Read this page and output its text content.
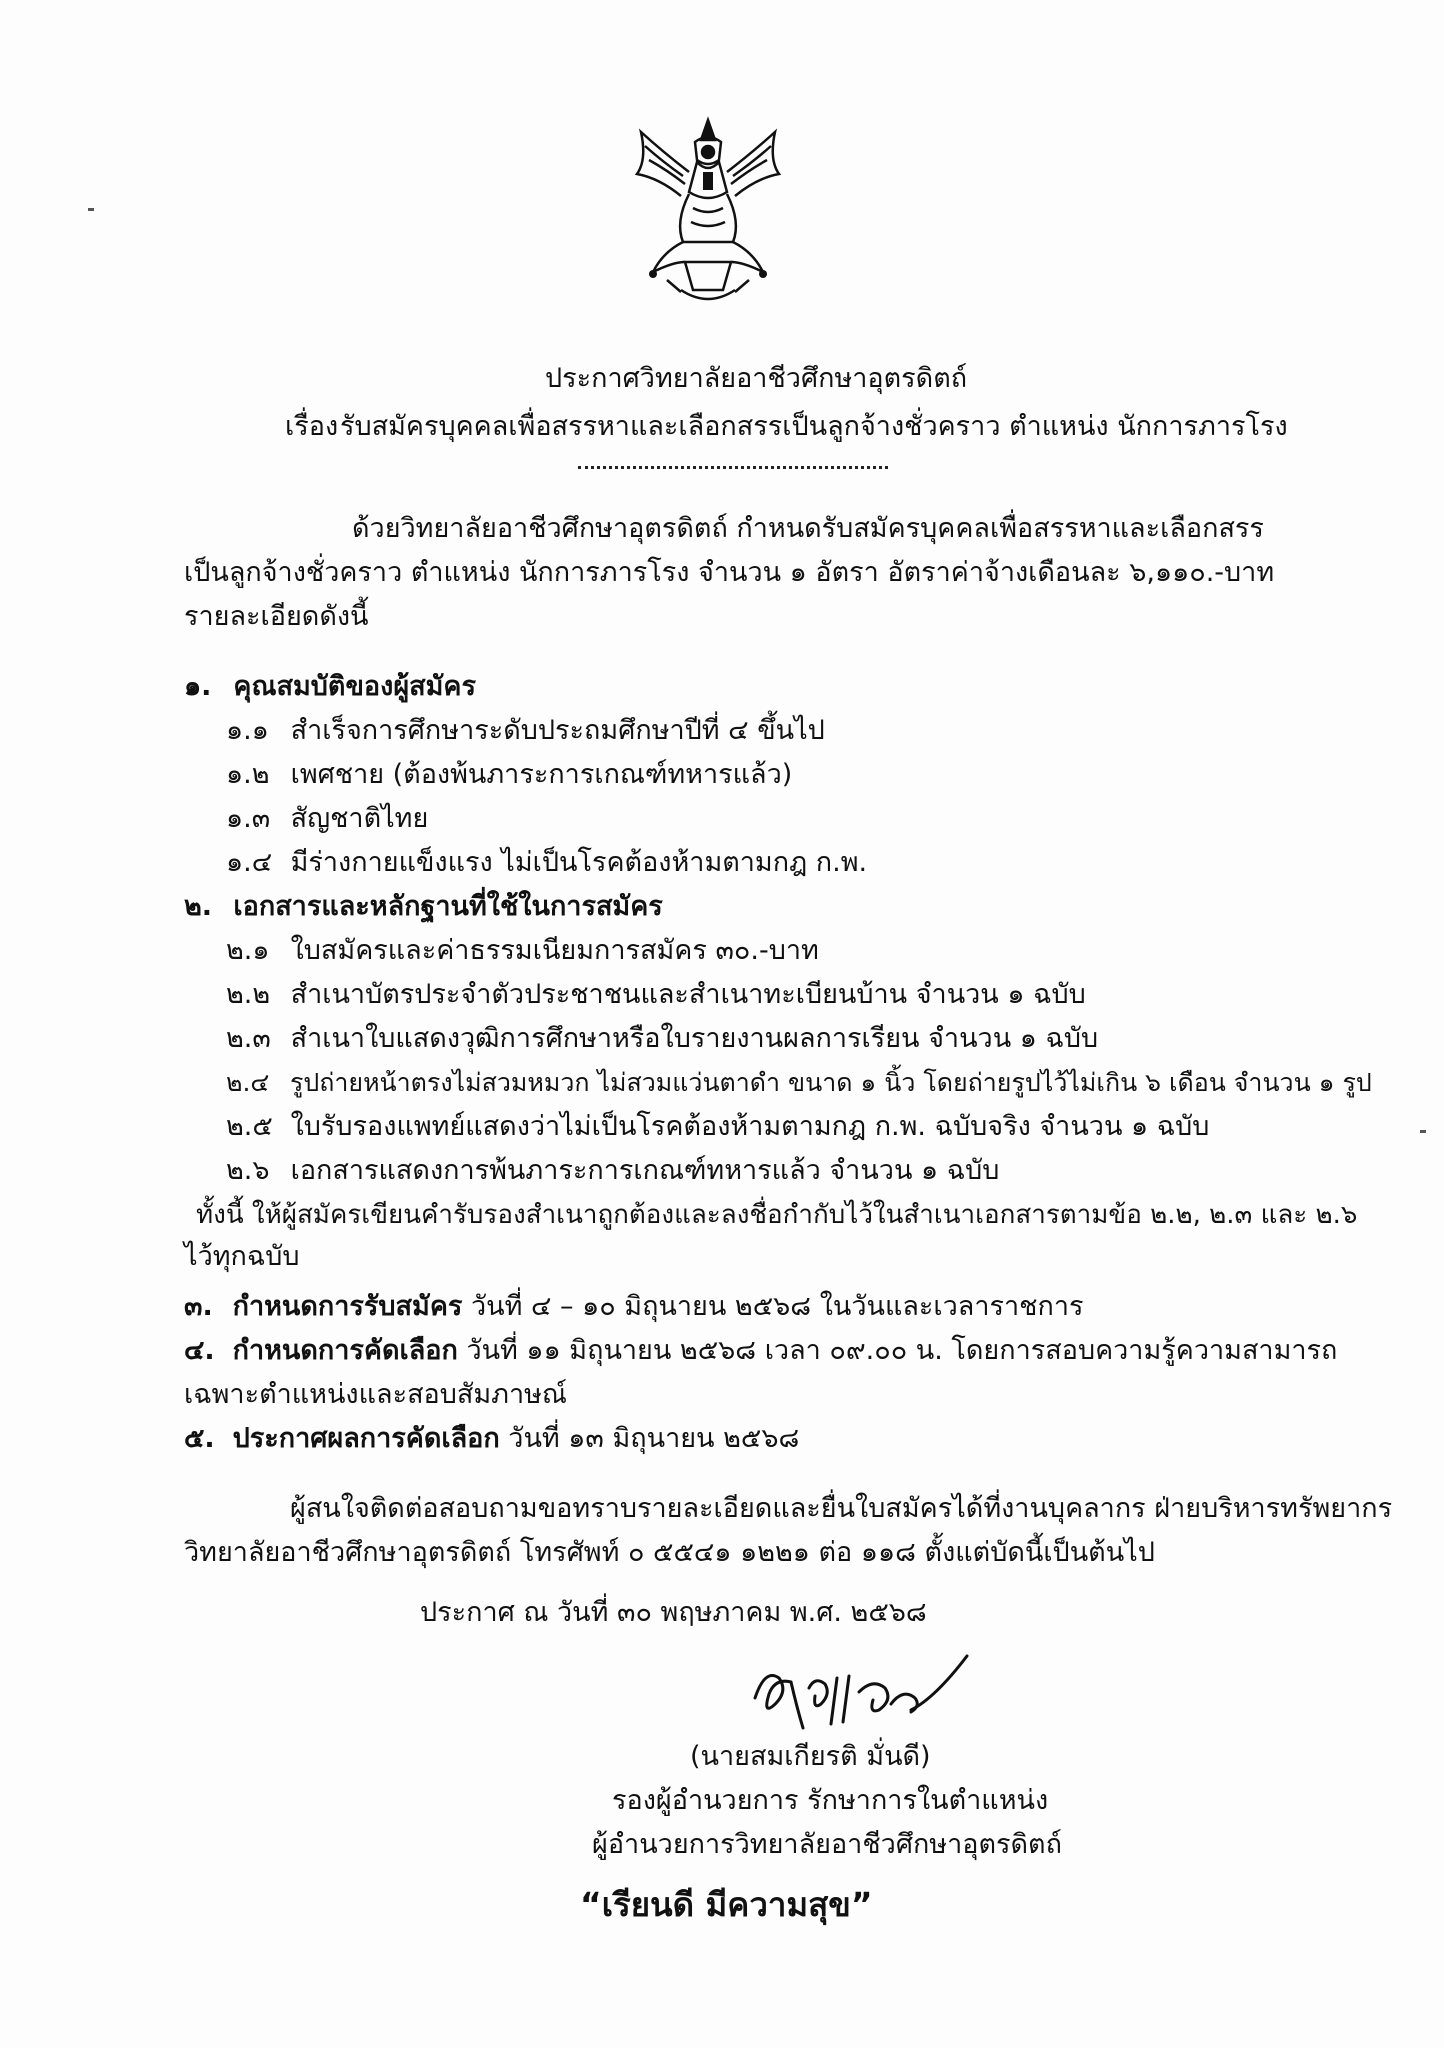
ประกาศวิทยาลัยอาชีวศึกษาอุตรดิตถ์
เรื่อง รับสมัครบุคคลเพื่อสรรหาและเลือกสรรเป็นลูกจ้างชั่วคราว ตำแหน่ง นักการภารโรง
ด้วยวิทยาลัยอาชีวศึกษาอุตรดิตถ์ กำหนดรับสมัครบุคคลเพื่อสรรหาและเลือกสรร
เป็นลูกจ้างชั่วคราว ตำแหน่ง นักการภารโรง จำนวน ๑ อัตรา อัตราค่าจ้างเดือนละ ๖,๑๑๐.-บาท
รายละเอียดดังนี้
๑. คุณสมบัติของผู้สมัคร
๑.๑ สำเร็จการศึกษาระดับประถมศึกษาปีที่ ๔ ขึ้นไป
๑.๒ เพศชาย (ต้องพ้นภาระการเกณฑ์ทหารแล้ว)
๑.๓ สัญชาติไทย
๑.๔ มีร่างกายแข็งแรง ไม่เป็นโรคต้องห้ามตามกฎ ก.พ.
๒. เอกสารและหลักฐานที่ใช้ในการสมัคร
๒.๑ ใบสมัครและค่าธรรมเนียมการสมัคร ๓๐.-บาท
๒.๒ สำเนาบัตรประจำตัวประชาชนและสำเนาทะเบียนบ้าน จำนวน ๑ ฉบับ
๒.๓ สำเนาใบแสดงวุฒิการศึกษาหรือใบรายงานผลการเรียน จำนวน ๑ ฉบับ
๒.๔ รูปถ่ายหน้าตรงไม่สวมหมวก ไม่สวมแว่นตาดำ ขนาด ๑ นิ้ว โดยถ่ายรูปไว้ไม่เกิน ๖ เดือน จำนวน ๑ รูป
๒.๕ ใบรับรองแพทย์แสดงว่าไม่เป็นโรคต้องห้ามตามกฎ ก.พ. ฉบับจริง จำนวน ๑ ฉบับ
๒.๖ เอกสารแสดงการพ้นภาระการเกณฑ์ทหารแล้ว จำนวน ๑ ฉบับ
ทั้งนี้ ให้ผู้สมัครเขียนคำรับรองสำเนาถูกต้องและลงชื่อกำกับไว้ในสำเนาเอกสารตามข้อ ๒.๒, ๒.๓ และ ๒.๖
ไว้ทุกฉบับ
๓. กำหนดการรับสมัคร วันที่ ๔ – ๑๐ มิถุนายน ๒๕๖๘ ในวันและเวลาราชการ
๔. กำหนดการคัดเลือก วันที่ ๑๑ มิถุนายน ๒๕๖๘ เวลา ๐๙.๐๐ น. โดยการสอบความรู้ความสามารถ
เฉพาะตำแหน่งและสอบสัมภาษณ์
๕. ประกาศผลการคัดเลือก วันที่ ๑๓ มิถุนายน ๒๕๖๘
ผู้สนใจติดต่อสอบถามขอทราบรายละเอียดและยื่นใบสมัครได้ที่งานบุคลากร ฝ่ายบริหารทรัพยากร
วิทยาลัยอาชีวศึกษาอุตรดิตถ์ โทรศัพท์ ๐ ๕๕๔๑ ๑๒๒๑ ต่อ ๑๑๘ ตั้งแต่บัดนี้เป็นต้นไป
ประกาศ ณ วันที่ ๓๐ พฤษภาคม พ.ศ. ๒๕๖๘
(นายสมเกียรติ มั่นดี)
รองผู้อำนวยการ รักษาการในตำแหน่ง
ผู้อำนวยการวิทยาลัยอาชีวศึกษาอุตรดิตถ์
“เรียนดี มีความสุข”
